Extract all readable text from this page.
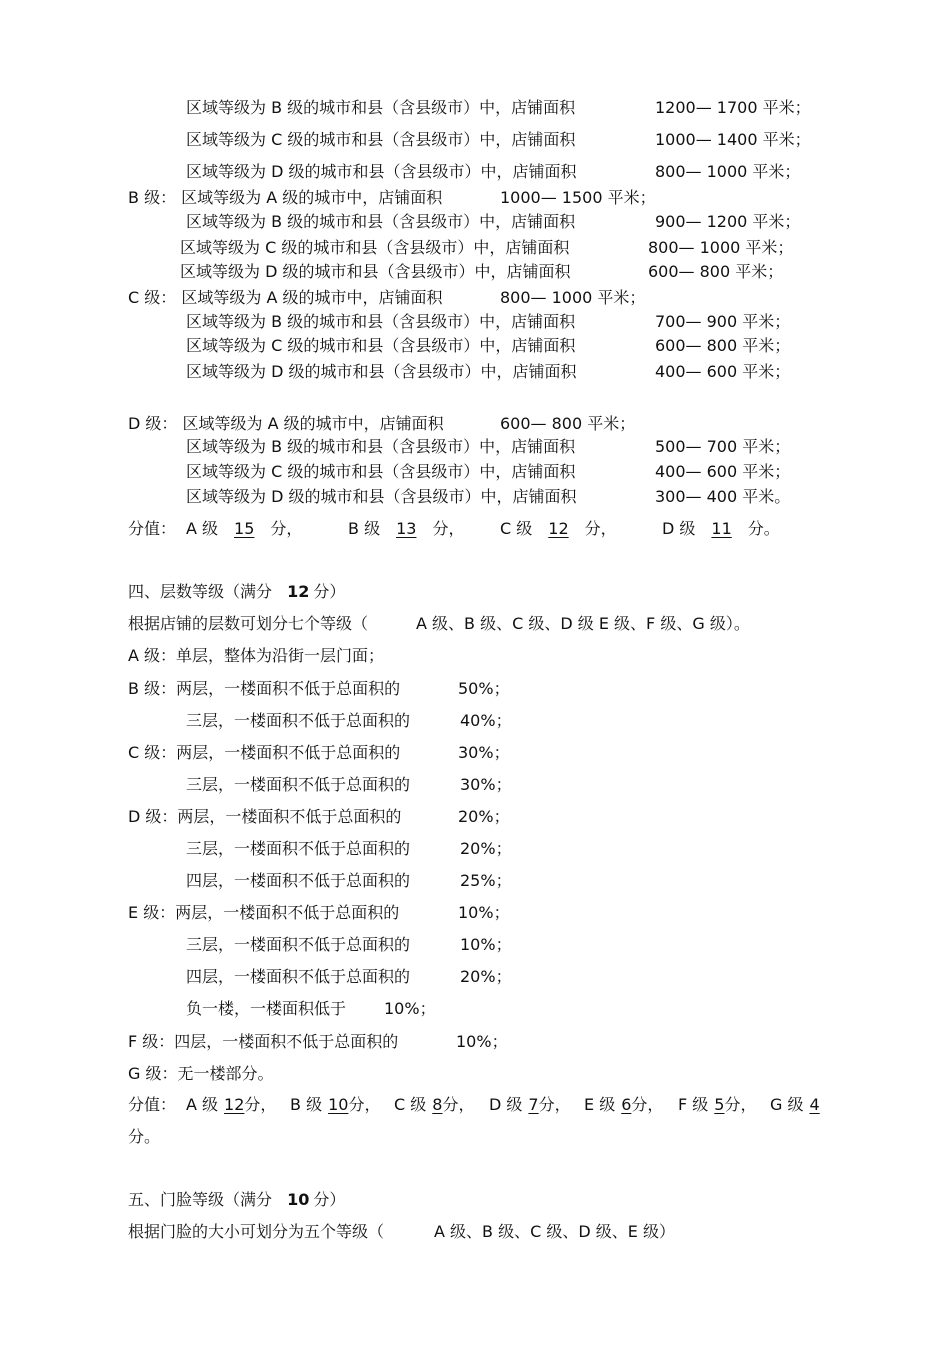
区域等级为 B 级的城市和县（含县级市）中，店铺面积	1200— 1700 平米；
区域等级为 C 级的城市和县（含县级市）中，店铺面积	1000— 1400 平米；
区域等级为 D 级的城市和县（含县级市）中，店铺面积	800— 1000 平米；
B 级： 区域等级为 A 级的城市中，店铺面积	1000— 1500 平米；
区域等级为 B 级的城市和县（含县级市）中，店铺面积	900— 1200 平米；
区域等级为 C 级的城市和县（含县级市）中，店铺面积	800— 1000 平米；
区域等级为 D 级的城市和县（含县级市）中，店铺面积	600— 800 平米；
C 级： 区域等级为 A 级的城市中，店铺面积	800— 1000 平米；
区域等级为 B 级的城市和县（含县级市）中，店铺面积	700— 900 平米；
区域等级为 C 级的城市和县（含县级市）中，店铺面积	600— 800 平米；
区域等级为 D 级的城市和县（含县级市）中，店铺面积	400— 600 平米；
D 级： 区域等级为 A 级的城市中，店铺面积	600— 800 平米；
区域等级为 B 级的城市和县（含县级市）中，店铺面积	500— 700 平米；
区域等级为 C 级的城市和县（含县级市）中，店铺面积	400— 600 平米；
区域等级为 D 级的城市和县（含县级市）中，店铺面积	300— 400 平米。
分值： A 级 15 分，	B 级 13 分， C 级 12 分，	D 级 11 分。
四、层数等级（满分 12 分）
根据店铺的层数可划分七个等级（	A 级、B 级、C 级、D 级 E 级、F 级、G 级）。
A 级：单层，整体为沿街一层门面；
B 级：两层，一楼面积不低于总面积的	50%；
三层，一楼面积不低于总面积的	40%；
C 级：两层，一楼面积不低于总面积的	30%；
三层，一楼面积不低于总面积的	30%；
D 级：两层，一楼面积不低于总面积的	20%；
三层，一楼面积不低于总面积的	20%；
四层，一楼面积不低于总面积的	25%；
E 级：两层，一楼面积不低于总面积的	10%；
三层，一楼面积不低于总面积的	10%；
四层，一楼面积不低于总面积的	20%；
负一楼，一楼面积低于 10%；
F 级：四层，一楼面积不低于总面积的	10%；
G 级：无一楼部分。
分值： A 级 12分， B 级 10分， C 级 8分， D 级 7分， E 级 6分， F 级 5分， G 级 4
分。
五、门脸等级（满分 10 分）
根据门脸的大小可划分为五个等级（	A 级、B 级、C 级、D 级、E 级）
